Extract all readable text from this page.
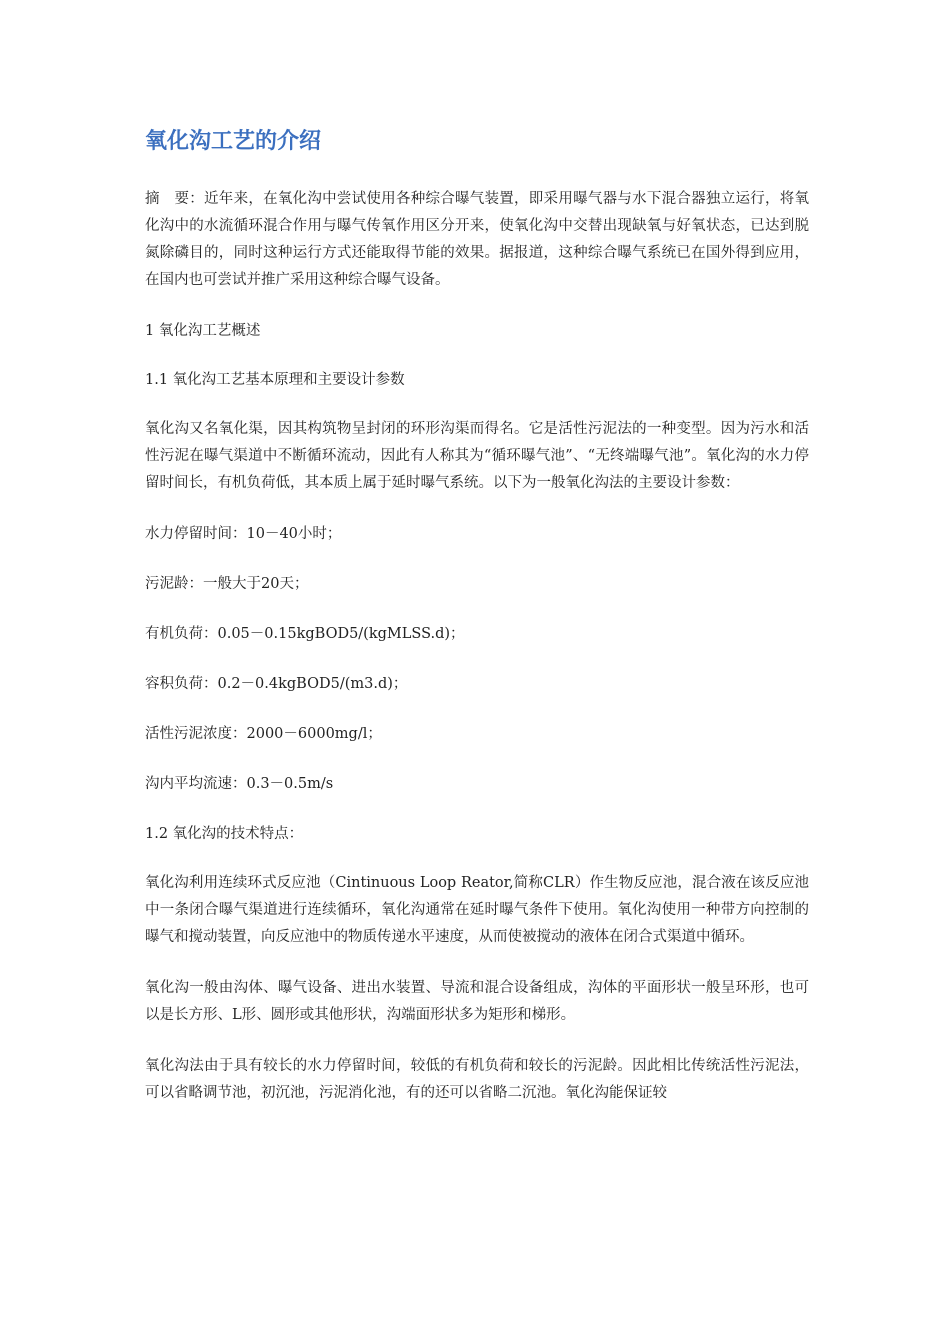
氧化沟工艺的介绍

摘　要：近年来，在氧化沟中尝试使用各种综合曝气装置，即采用曝气器与水下混合器独立运行，将氧化沟中的水流循环混合作用与曝气传氧作用区分开来，使氧化沟中交替出现缺氧与好氧状态，已达到脱氮除磷目的，同时这种运行方式还能取得节能的效果。据报道，这种综合曝气系统已在国外得到应用，在国内也可尝试并推广采用这种综合曝气设备。

1 氧化沟工艺概述

1.1 氧化沟工艺基本原理和主要设计参数

氧化沟又名氧化渠，因其构筑物呈封闭的环形沟渠而得名。它是活性污泥法的一种变型。因为污水和活性污泥在曝气渠道中不断循环流动，因此有人称其为“循环曝气池”、“无终端曝气池”。氧化沟的水力停留时间长，有机负荷低，其本质上属于延时曝气系统。以下为一般氧化沟法的主要设计参数：

水力停留时间：10－40小时；

污泥龄：一般大于20天；

有机负荷：0.05－0.15kgBOD5/(kgMLSS.d)；

容积负荷：0.2－0.4kgBOD5/(m3.d)；

活性污泥浓度：2000－6000mg/l；

沟内平均流速：0.3－0.5m/s

1.2 氧化沟的技术特点：

氧化沟利用连续环式反应池（Cintinuous Loop Reator,简称CLR）作生物反应池，混合液在该反应池中一条闭合曝气渠道进行连续循环，氧化沟通常在延时曝气条件下使用。氧化沟使用一种带方向控制的曝气和搅动装置，向反应池中的物质传递水平速度，从而使被搅动的液体在闭合式渠道中循环。

氧化沟一般由沟体、曝气设备、进出水装置、导流和混合设备组成，沟体的平面形状一般呈环形，也可以是长方形、L形、圆形或其他形状，沟端面形状多为矩形和梯形。

氧化沟法由于具有较长的水力停留时间，较低的有机负荷和较长的污泥龄。因此相比传统活性污泥法，可以省略调节池，初沉池，污泥消化池，有的还可以省略二沉池。氧化沟能保证较
